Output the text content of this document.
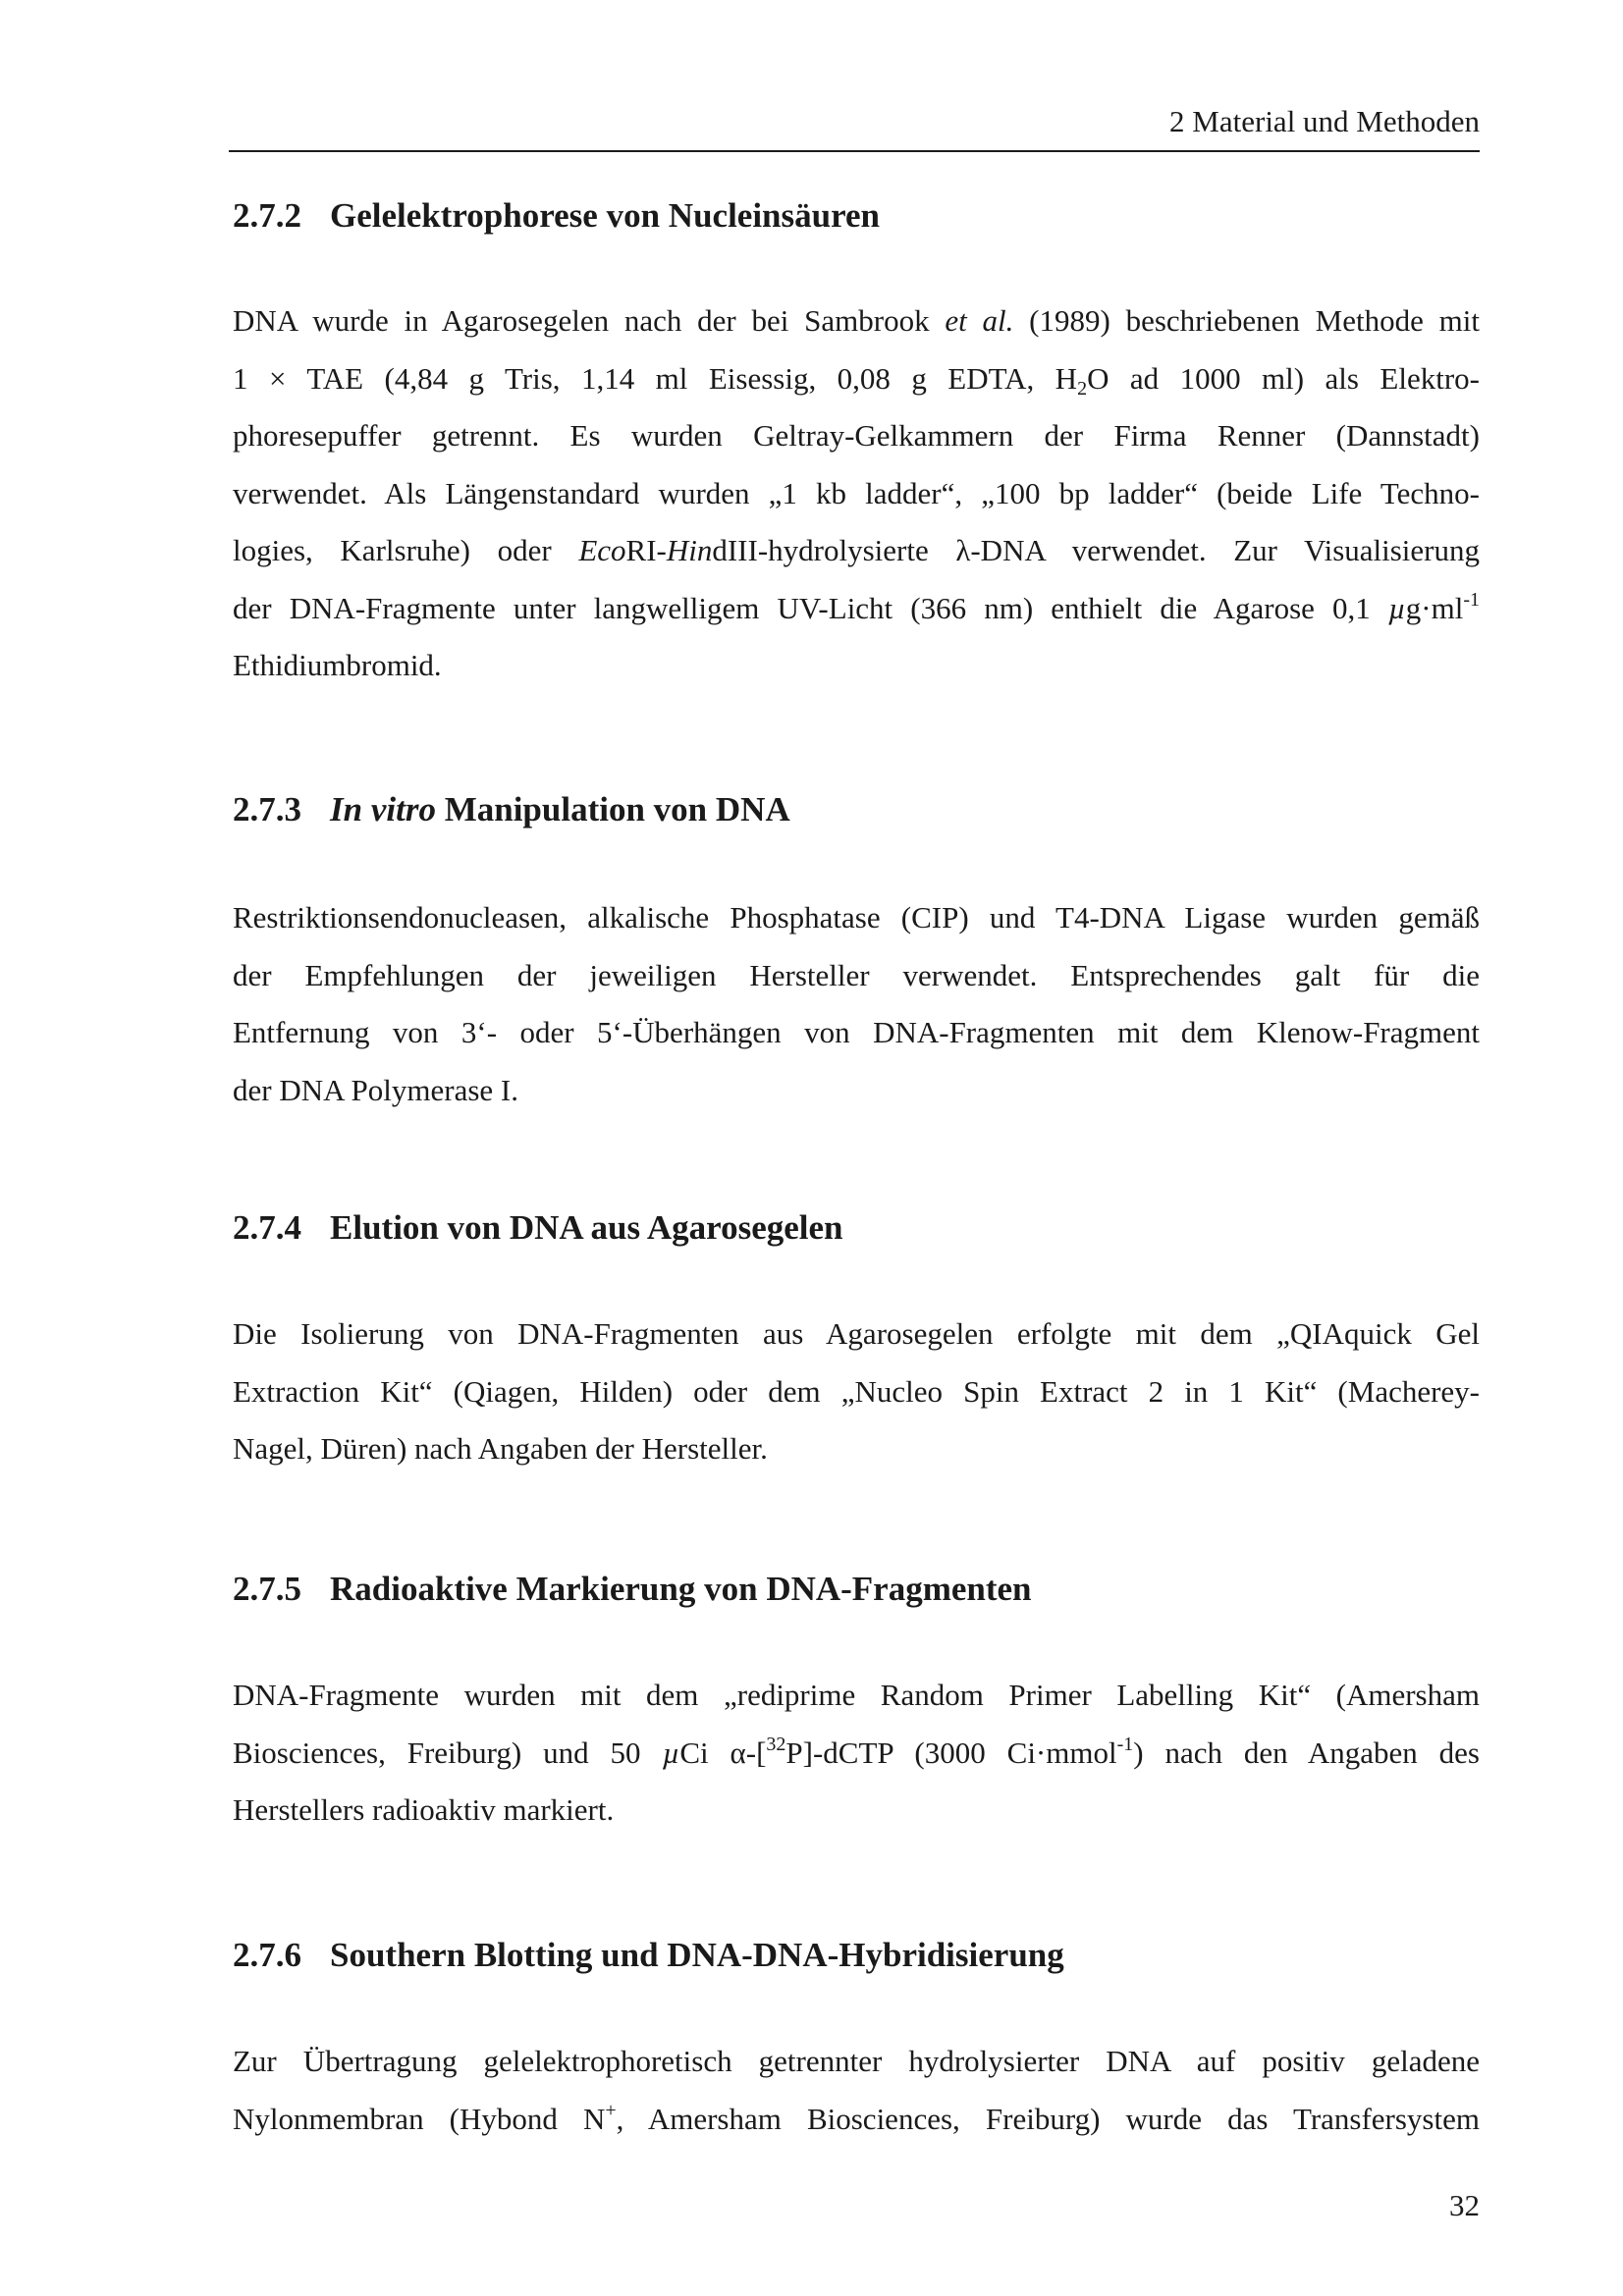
2 Material und Methoden
2.7.2 Gelelektrophorese von Nucleinsäuren
DNA wurde in Agarosegelen nach der bei Sambrook et al. (1989) beschriebenen Methode mit
1 × TAE (4,84 g Tris, 1,14 ml Eisessig, 0,08 g EDTA, $H_2O$ ad 1000 ml) als Elektro-
phoresepuffer getrennt. Es wurden Geltray-Gelkammern der Firma Renner (Dannstadt)
verwendet. Als Längenstandard wurden „1 kb ladder“, „100 bp ladder“ (beide Life Techno-
logies, Karlsruhe) oder EcoRI-HindIII-hydrolysierte λ-DNA verwendet. Zur Visualisierung
der DNA-Fragmente unter langwelligem UV-Licht (366 nm) enthielt die Agarose 0,1 $\mu g\cdot ml^{-1}$
Ethidiumbromid.
2.7.3 In vitro Manipulation von DNA
Restriktionsendonucleasen, alkalische Phosphatase (CIP) und T4-DNA Ligase wurden gemäß
der Empfehlungen der jeweiligen Hersteller verwendet. Entsprechendes galt für die
Entfernung von 3‘- oder 5‘-Überhängen von DNA-Fragmenten mit dem Klenow-Fragment
der DNA Polymerase I.
2.7.4 Elution von DNA aus Agarosegelen
Die Isolierung von DNA-Fragmenten aus Agarosegelen erfolgte mit dem „QIAquick Gel
Extraction Kit“ (Qiagen, Hilden) oder dem „Nucleo Spin Extract 2 in 1 Kit“ (Macherey-
Nagel, Düren) nach Angaben der Hersteller.
2.7.5 Radioaktive Markierung von DNA-Fragmenten
DNA-Fragmente wurden mit dem „rediprime Random Primer Labelling Kit“ (Amersham
Biosciences, Freiburg) und 50 µCi α-[$^{32}$P]-dCTP (3000 Ci·mmol$^{-1}$) nach den Angaben des
Herstellers radioaktiv markiert.
2.7.6 Southern Blotting und DNA-DNA-Hybridisierung
Zur Übertragung gelelektrophoretisch getrennter hydrolysierter DNA auf positiv geladene
Nylonmembran (Hybond N+, Amersham Biosciences, Freiburg) wurde das Transfersystem
32
